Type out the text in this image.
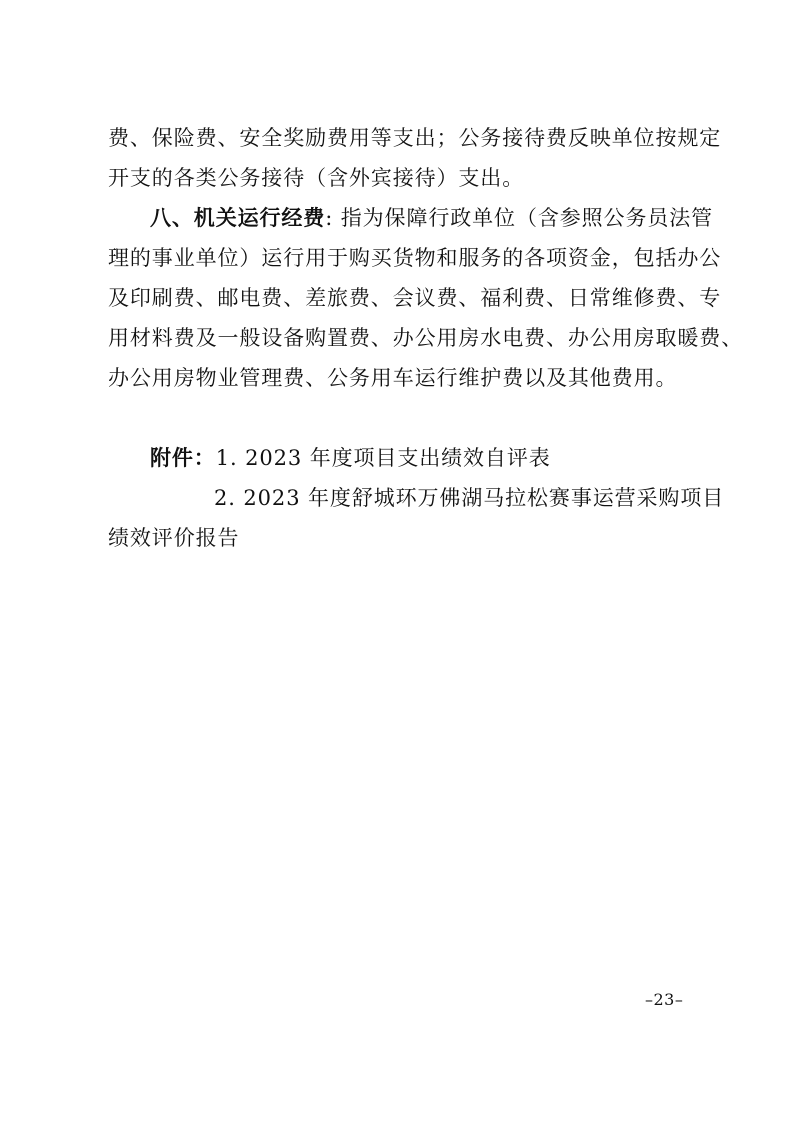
费、保险费、安全奖励费用等支出；公务接待费反映单位按规定
开支的各类公务接待（含外宾接待）支出。
八、机关运行经费: 指为保障行政单位（含参照公务员法管
理的事业单位）运行用于购买货物和服务的各项资金，包括办公
及印刷费、邮电费、差旅费、会议费、福利费、日常维修费、专
用材料费及一般设备购置费、办公用房水电费、办公用房取暖费、
办公用房物业管理费、公务用车运行维护费以及其他费用。
附件：1. 2023 年度项目支出绩效自评表
2. 2023 年度舒城环万佛湖马拉松赛事运营采购项目
绩效评价报告
–23–
